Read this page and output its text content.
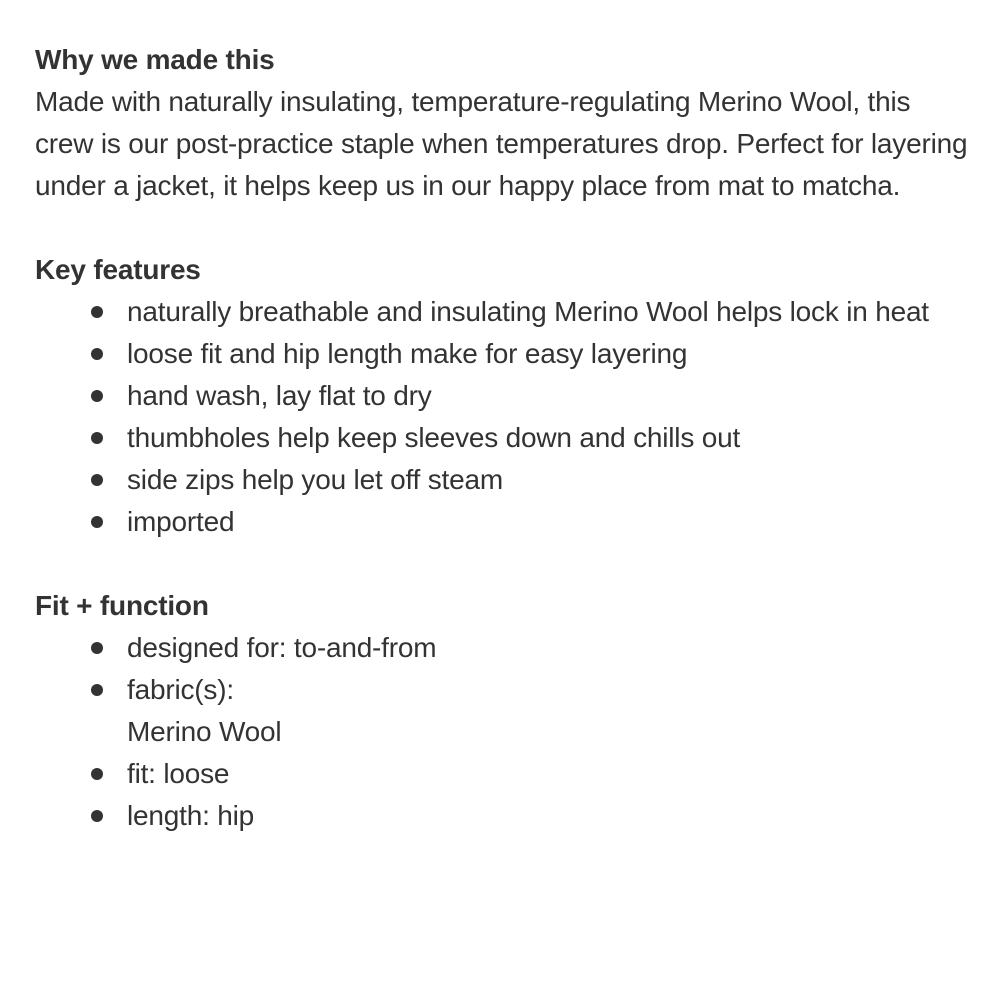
Why we made this

Made with naturally insulating, temperature-regulating Merino Wool, this crew is our post-practice staple when temperatures drop. Perfect for layering under a jacket, it helps keep us in our happy place from mat to matcha.

Key features
naturally breathable and insulating Merino Wool helps lock in heat
loose fit and hip length make for easy layering
hand wash, lay flat to dry
thumbholes help keep sleeves down and chills out
side zips help you let off steam
imported
Fit + function
designed for: to-and-from
fabric(s):
Merino Wool
fit: loose
length: hip
